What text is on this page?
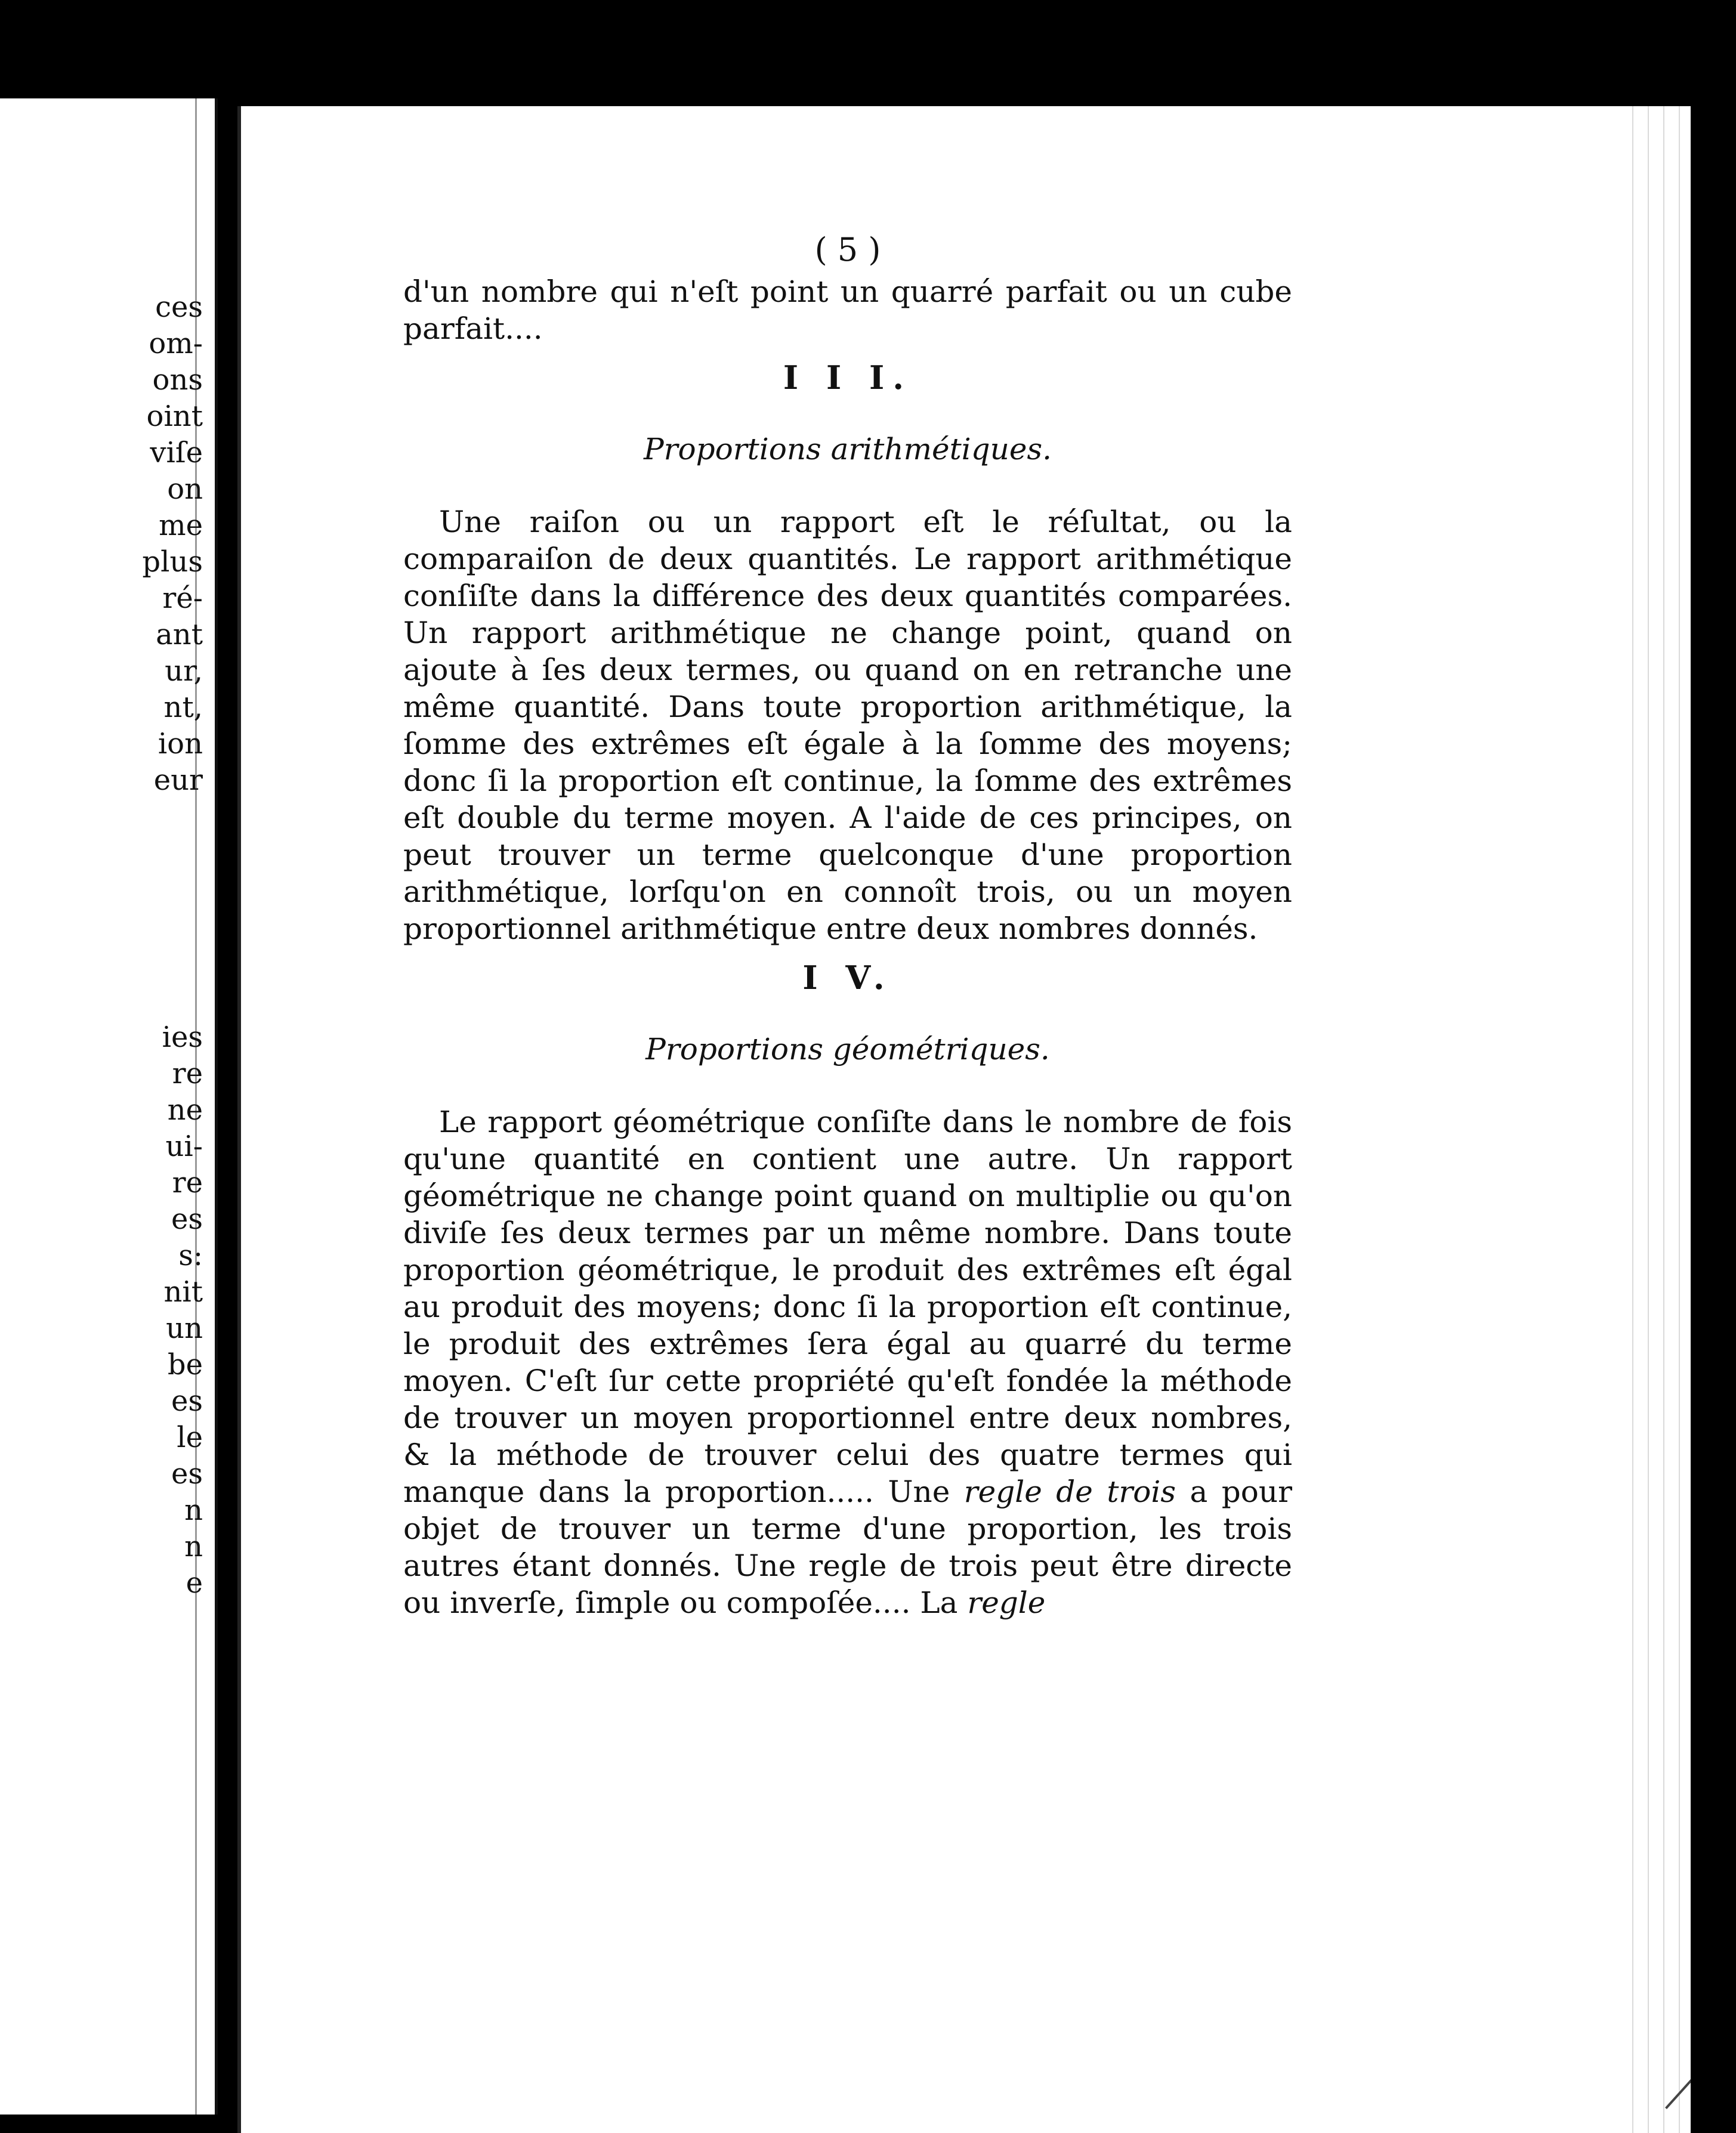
ces
om-
ons
oint
viſe
on
me
plus
ré-
ant
ur,
nt,
ion
eur
ies
re
ne
ui-
re
es
s:
nit
un
be
es
le
es
n
n
e
( 5 )

d'un nombre qui n'eſt point un quarré parfait ou un cube parfait....

I I I.
Proportions arithmétiques.

Une raiſon ou un rapport eſt le réſultat, ou la comparaiſon de deux quantités. Le rapport arithmétique conſiſte dans la différence des deux quantités comparées. Un rapport arithmétique ne change point, quand on ajoute à ſes deux termes, ou quand on en retranche une même quantité. Dans toute proportion arithmétique, la ſomme des extrêmes eſt égale à la ſomme des moyens; donc ſi la proportion eſt continue, la ſomme des extrêmes eſt double du terme moyen. A l'aide de ces principes, on peut trouver un terme quelconque d'une proportion arithmétique, lorſqu'on en connoît trois, ou un moyen proportionnel arithmétique entre deux nombres donnés.

I V.
Proportions géométriques.

Le rapport géométrique conſiſte dans le nombre de fois qu'une quantité en contient une autre. Un rapport géométrique ne change point quand on multiplie ou qu'on diviſe ſes deux termes par un même nombre. Dans toute proportion géométrique, le produit des extrêmes eſt égal au produit des moyens; donc ſi la proportion eſt continue, le produit des extrêmes ſera égal au quarré du terme moyen. C'eſt ſur cette propriété qu'eſt fondée la méthode de trouver un moyen proportionnel entre deux nombres, & la méthode de trouver celui des quatre termes qui manque dans la proportion..... Une regle de trois a pour objet de trouver un terme d'une proportion, les trois autres étant donnés. Une regle de trois peut être directe ou inverſe, ſimple ou compoſée.... La regle
